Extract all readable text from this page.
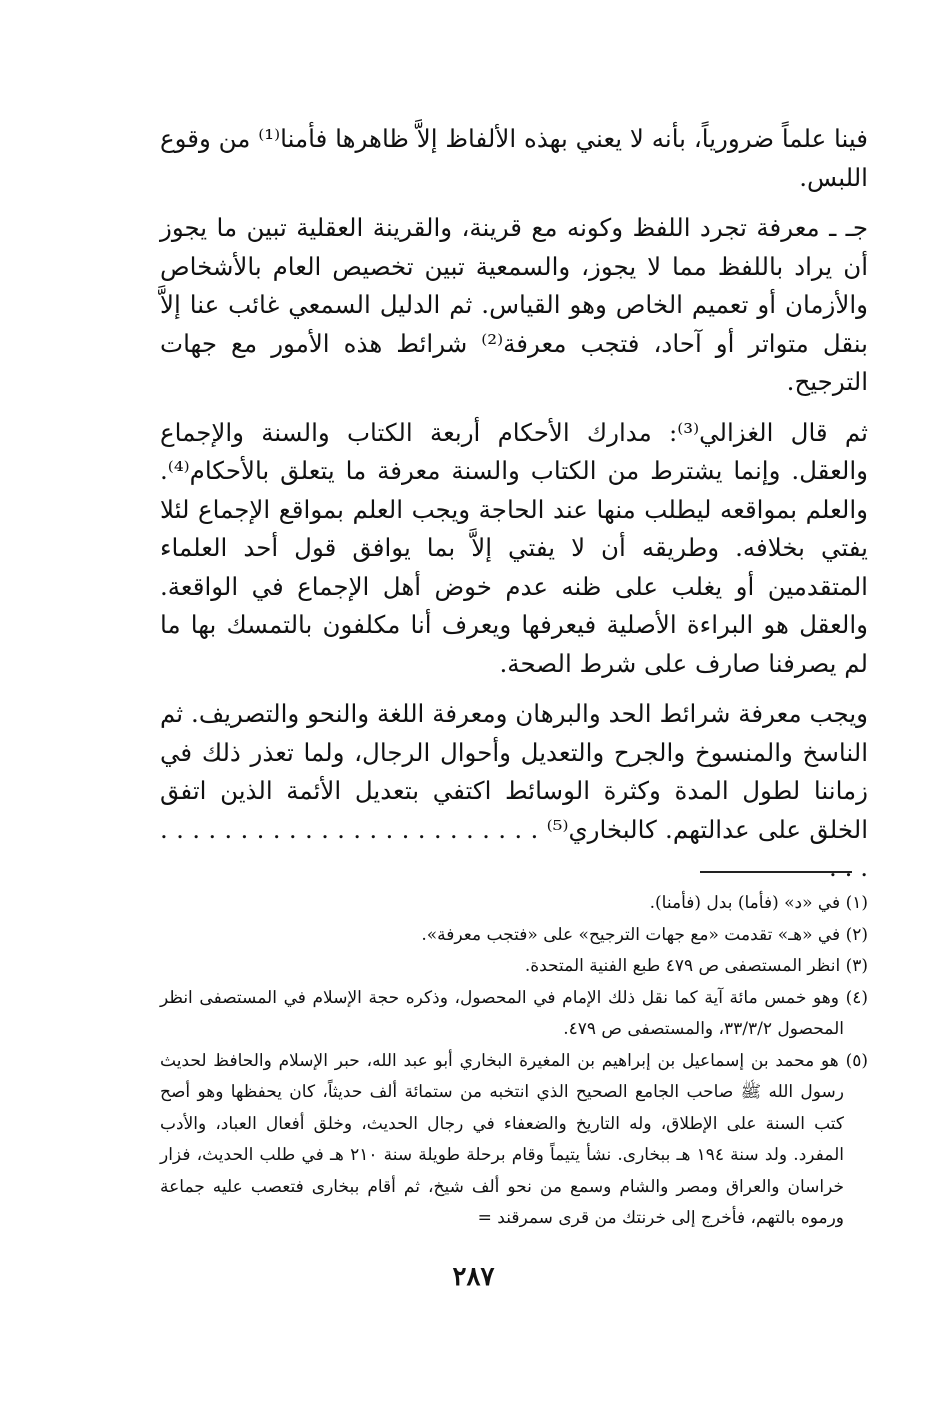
فينا علماً ضرورياً، بأنه لا يعني بهذه الألفاظ إلاَّ ظاهرها فأمنا⁽¹⁾ من وقوع اللبس.

جـ ـ معرفة تجرد اللفظ وكونه مع قرينة، والقرينة العقلية تبين ما يجوز أن يراد باللفظ مما لا يجوز، والسمعية تبين تخصيص العام بالأشخاص والأزمان أو تعميم الخاص وهو القياس. ثم الدليل السمعي غائب عنا إلاَّ بنقل متواتر أو آحاد، فتجب معرفة⁽²⁾ شرائط هذه الأمور مع جهات الترجيح.

ثم قال الغزالي⁽³⁾: مدارك الأحكام أربعة الكتاب والسنة والإجماع والعقل. وإنما يشترط من الكتاب والسنة معرفة ما يتعلق بالأحكام⁽⁴⁾. والعلم بمواقعه ليطلب منها عند الحاجة ويجب العلم بمواقع الإجماع لئلا يفتي بخلافه. وطريقه أن لا يفتي إلاَّ بما يوافق قول أحد العلماء المتقدمين أو يغلب على ظنه عدم خوض أهل الإجماع في الواقعة. والعقل هو البراءة الأصلية فيعرفها ويعرف أنا مكلفون بالتمسك بها ما لم يصرفنا صارف على شرط الصحة.

ويجب معرفة شرائط الحد والبرهان ومعرفة اللغة والنحو والتصريف. ثم الناسخ والمنسوخ والجرح والتعديل وأحوال الرجال، ولما تعذر ذلك في زماننا لطول المدة وكثرة الوسائط اكتفي بتعديل الأئمة الذين اتفق الخلق على عدالتهم. كالبخاري⁽⁵⁾ . . . . . . . . . . . . . . . . . . . . . . . . . . .

(١) في «د» (فأما) بدل (فأمنا).

(٢) في «هـ» تقدمت «مع جهات الترجيح» على «فتجب معرفة».

(٣) انظر المستصفى ص ٤٧٩ طبع الفنية المتحدة.

(٤) وهو خمس مائة آية كما نقل ذلك الإمام في المحصول، وذكره حجة الإسلام في المستصفى انظر المحصول ٣٣/٣/٢، والمستصفى ص ٤٧٩.

(٥) هو محمد بن إسماعيل بن إبراهيم بن المغيرة البخاري أبو عبد الله، حبر الإسلام والحافظ لحديث رسول الله ﷺ صاحب الجامع الصحيح الذي انتخبه من ستمائة ألف حديثاً، كان يحفظها وهو أصح كتب السنة على الإطلاق، وله التاريخ والضعفاء في رجال الحديث، وخلق أفعال العباد، والأدب المفرد. ولد سنة ١٩٤ هـ ببخارى. نشأ يتيماً وقام برحلة طويلة سنة ٢١٠ هـ في طلب الحديث، فزار خراسان والعراق ومصر والشام وسمع من نحو ألف شيخ، ثم أقام ببخارى فتعصب عليه جماعة ورموه بالتهم، فأخرج إلى خرنتك من قرى سمرقند =

٢٨٧
